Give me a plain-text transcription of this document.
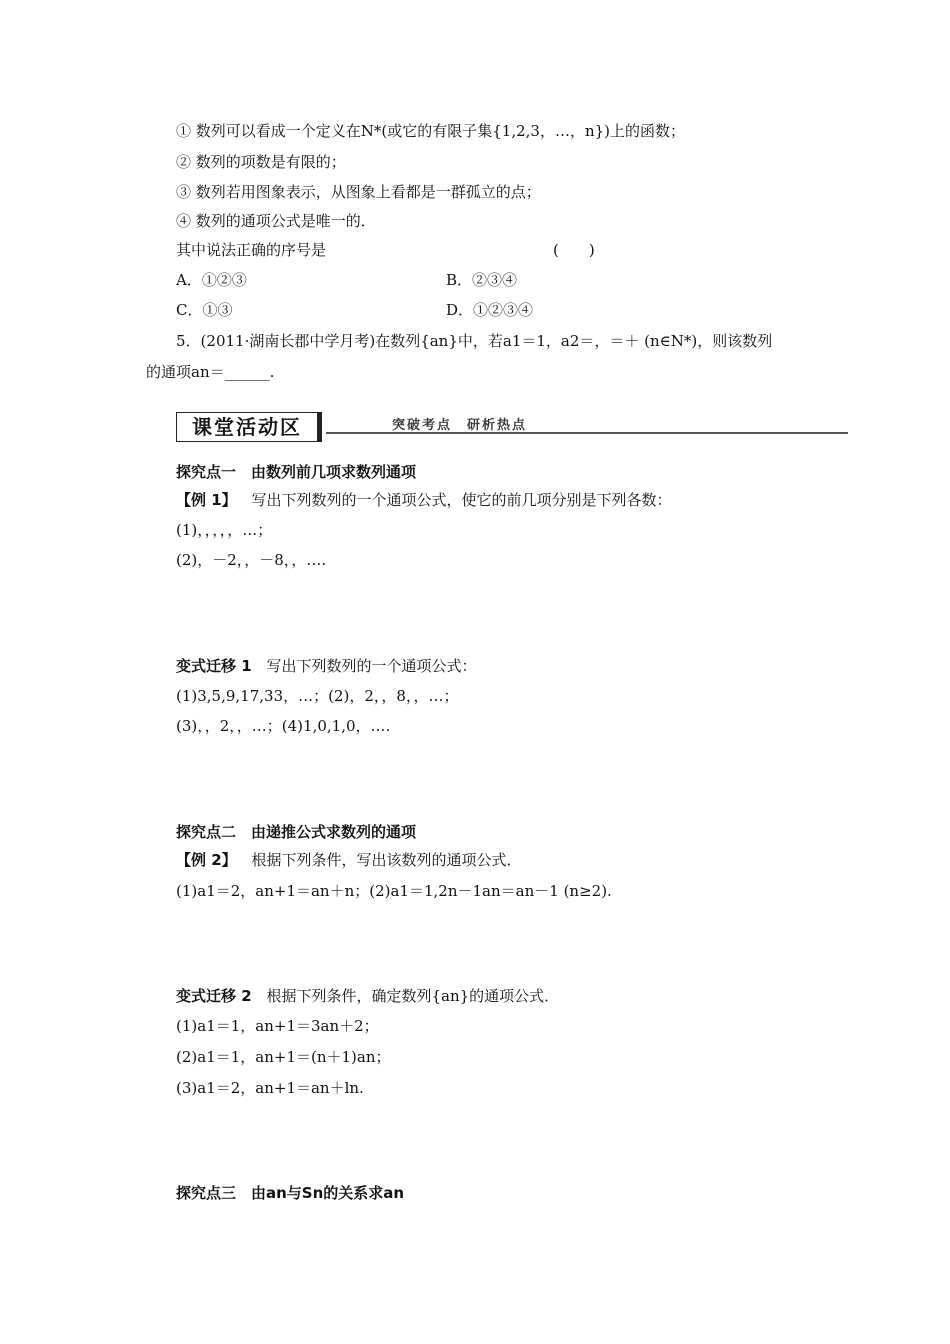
① 数列可以看成一个定义在N*(或它的有限子集{1,2,3，…，n})上的函数；
② 数列的项数是有限的；
③ 数列若用图象表示，从图象上看都是一群孤立的点；
④ 数列的通项公式是唯一的．
其中说法正确的序号是	(　　)
A．①②③	B．②③④
C．①③	D．①②③④
5．(2011·湖南长郡中学月考)在数列{an}中，若a1＝1，a2＝，＝＋ (n∈N*)，则该数列
的通项an＝______.
课堂活动区	突破考点　研析热点
探究点一　由数列前几项求数列通项
【例 1】 写出下列数列的一个通项公式，使它的前几项分别是下列各数：
(1)，，，，，…；
(2)，－2，，－8，，….
变式迁移 1 写出下列数列的一个通项公式：
(1)3,5,9,17,33，…；(2)，2，，8，，…；
(3)，，2，，…；(4)1,0,1,0，….
探究点二　由递推公式求数列的通项
【例 2】 根据下列条件，写出该数列的通项公式．
(1)a1＝2，an+1＝an＋n；(2)a1＝1,2n－1an＝an－1 (n≥2).
变式迁移 2 根据下列条件，确定数列{an}的通项公式．
(1)a1＝1，an+1＝3an＋2；
(2)a1＝1，an+1＝(n＋1)an；
(3)a1＝2，an+1＝an＋ln.
探究点三　由an与Sn的关系求an
